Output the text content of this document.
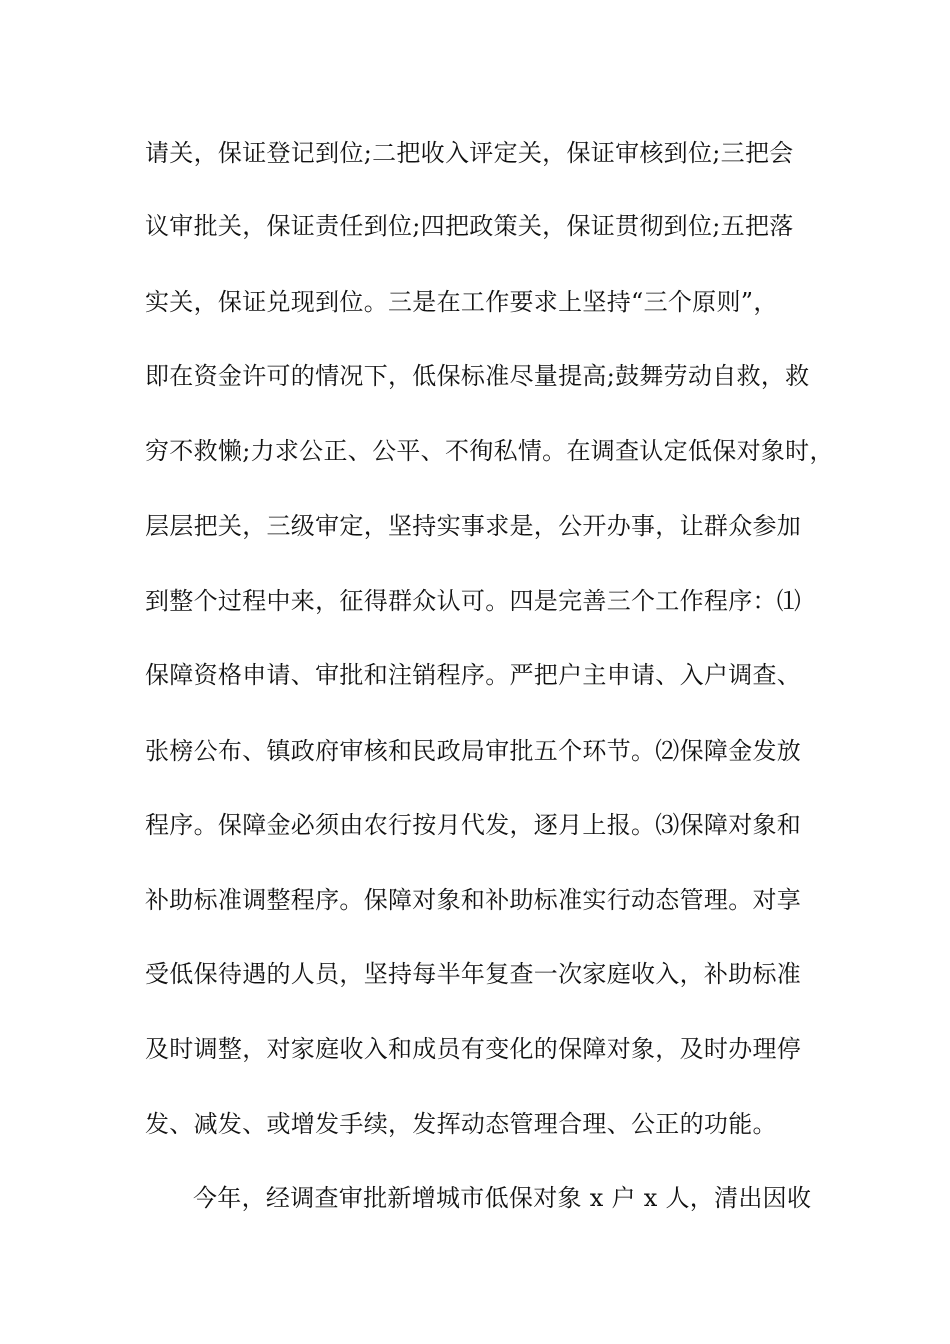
请关，保证登记到位;二把收入评定关，保证审核到位;三把会
议审批关，保证责任到位;四把政策关，保证贯彻到位;五把落
实关，保证兑现到位。三是在工作要求上坚持“三个原则”，
即在资金许可的情况下，低保标准尽量提高;鼓舞劳动自救，救
穷不救懒;力求公正、公平、不徇私情。在调查认定低保对象时，
层层把关，三级审定，坚持实事求是，公开办事，让群众参加
到整个过程中来，征得群众认可。四是完善三个工作程序：⑴
保障资格申请、审批和注销程序。严把户主申请、入户调查、
张榜公布、镇政府审核和民政局审批五个环节。⑵保障金发放
程序。保障金必须由农行按月代发，逐月上报。⑶保障对象和
补助标准调整程序。保障对象和补助标准实行动态管理。对享
受低保待遇的人员，坚持每半年复查一次家庭收入，补助标准
及时调整，对家庭收入和成员有变化的保障对象，及时办理停
发、减发、或增发手续，发挥动态管理合理、公正的功能。
今年，经调查审批新增城市低保对象 x 户 x 人，清出因收
